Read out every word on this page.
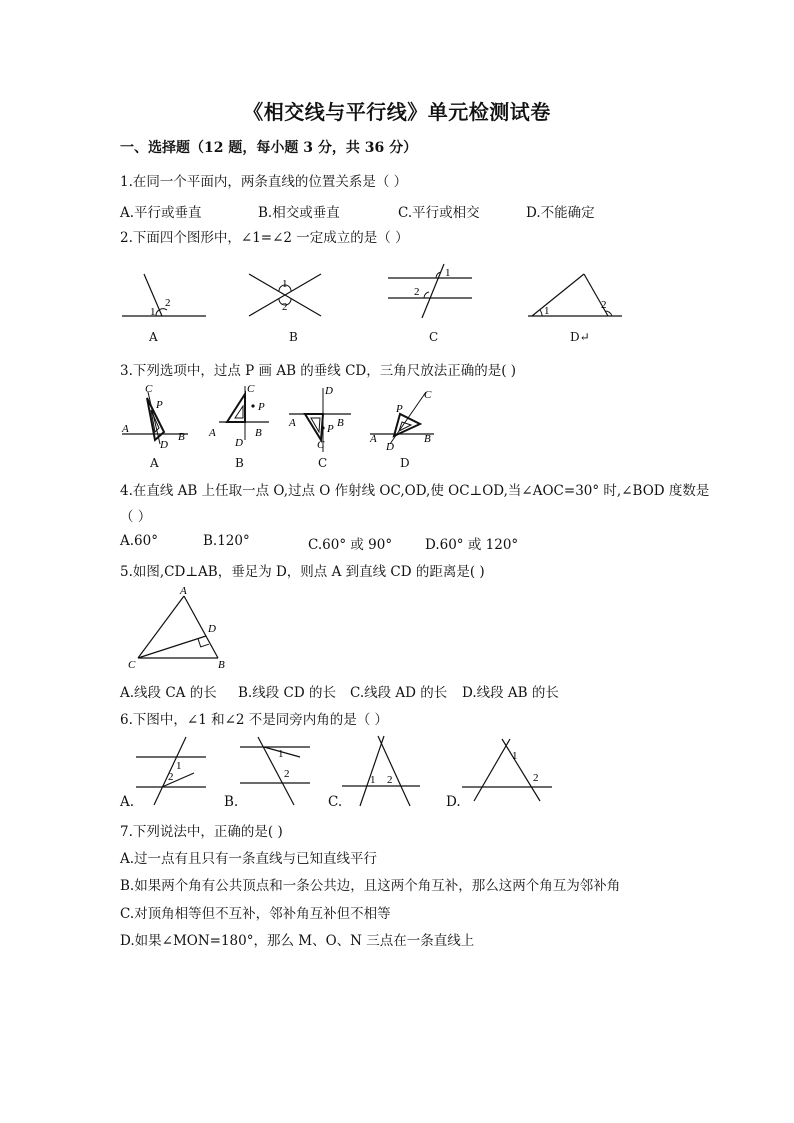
《相交线与平行线》单元检测试卷
一、选择题（12 题，每小题 3 分，共 36 分）
1.在同一个平面内，两条直线的位置关系是（ ）
A.平行或垂直	B.相交或垂直	C.平行或相交	D.不能确定
2.下面四个图形中，∠1=∠2 一定成立的是（ ）
1
2
A
1
2
B
1
2
C
1	2
D↵
3.下列选项中，过点 P 画 AB 的垂线 CD，三角尺放法正确的是( )
C
P
A
B
D
A
C
P
A	B
D
B
D
A	B
P
C
C
C
P
A	B
D
D
4.在直线 AB 上任取一点 O,过点 O 作射线 OC,OD,使 OC⊥OD,当∠AOC=30° 时,∠BOD 度数是
（ ）
A.60°	B.120°	C.60° 或 90° D.60° 或 120°
5.如图,CD⊥AB，垂足为 D，则点 A 到直线 CD 的距离是( )
A
D
C	B
A.线段 CA 的长 B.线段 CD 的长 C.线段 AD 的长 D.线段 AB 的长
6.下图中，∠1 和∠2 不是同旁内角的是（ ）
A.
1
2
B.
1
2
C.
1 2
D.
1
2
7.下列说法中，正确的是( )
A.过一点有且只有一条直线与已知直线平行
B.如果两个角有公共顶点和一条公共边，且这两个角互补，那么这两个角互为邻补角
C.对顶角相等但不互补，邻补角互补但不相等
D.如果∠MON=180°，那么 M、O、N 三点在一条直线上
